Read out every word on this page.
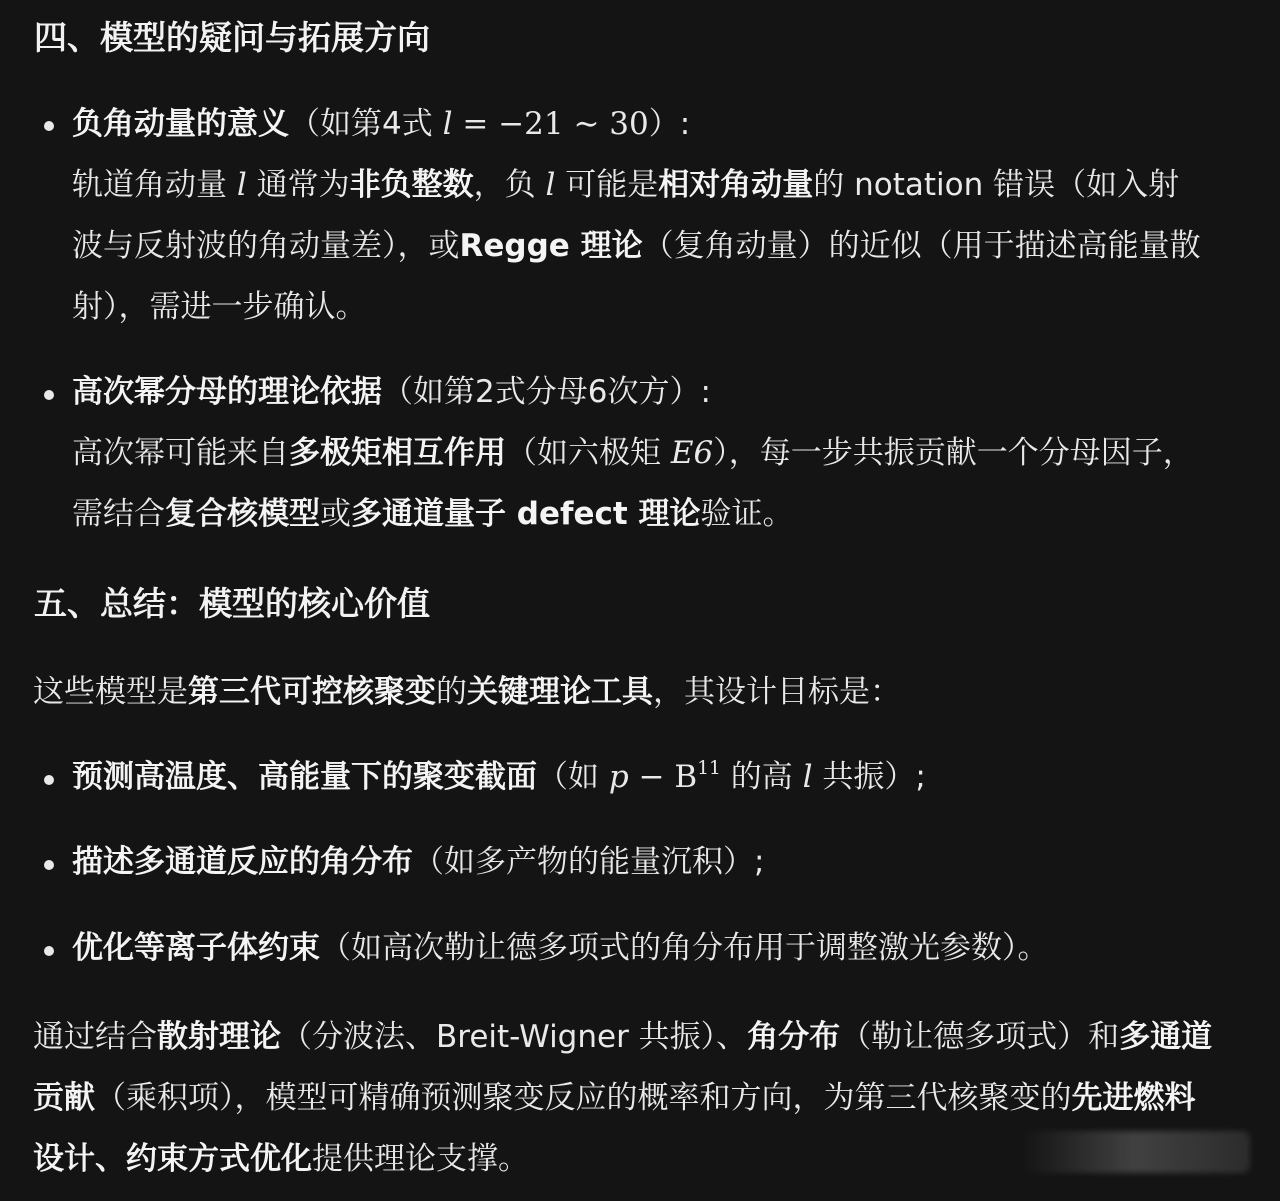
四、模型的疑问与拓展方向
负角动量的意义（如第4式 l = −21 ∼ 30）:
轨道角动量 l 通常为非负整数，负 l 可能是相对角动量的 notation 错误（如入射
波与反射波的角动量差），或Regge 理论（复角动量）的近似（用于描述高能量散
射），需进一步确认。
高次幂分母的理论依据（如第2式分母6次方）:
高次幂可能来自多极矩相互作用（如六极矩 E6），每一步共振贡献一个分母因子，
需结合复合核模型或多通道量子 defect 理论验证。
五、总结：模型的核心价值
这些模型是第三代可控核聚变的关键理论工具，其设计目标是：
预测高温度、高能量下的聚变截面（如 $p - B^{11}$ 的高 l 共振）;
描述多通道反应的角分布（如多产物的能量沉积）;
优化等离子体约束（如高次勒让德多项式的角分布用于调整激光参数）。
通过结合散射理论（分波法、Breit-Wigner 共振）、角分布（勒让德多项式）和多通道
贡献（乘积项），模型可精确预测聚变反应的概率和方向，为第三代核聚变的先进燃料
设计、约束方式优化提供理论支撑。
